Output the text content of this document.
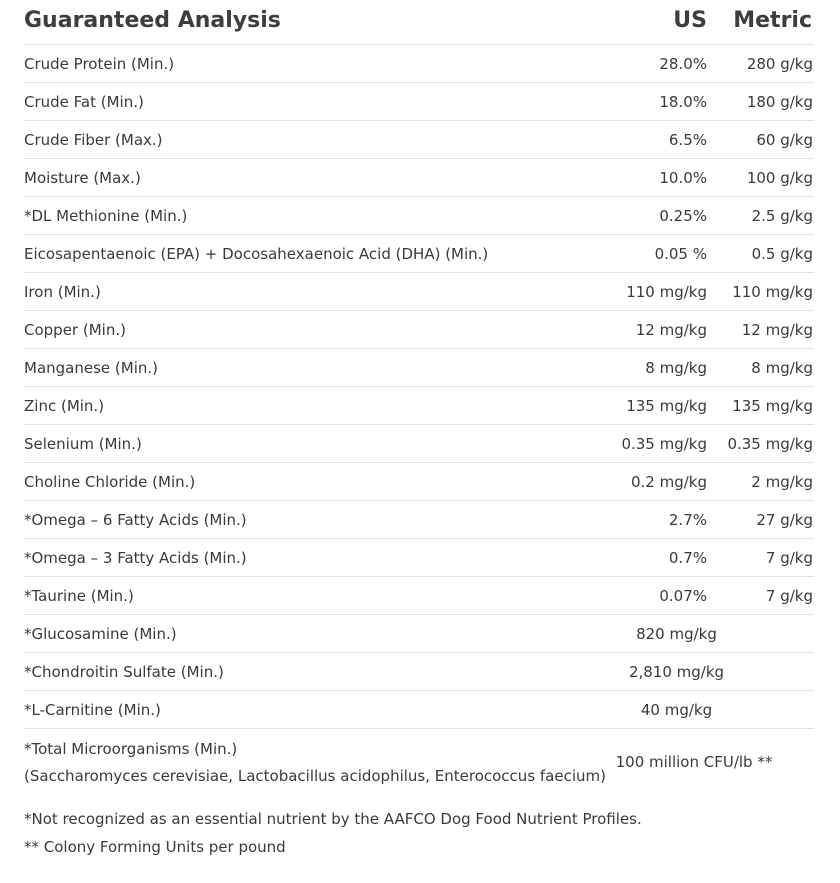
Guaranteed Analysis	US Metric
Crude Protein (Min.)	28.0%	280 g/kg
Crude Fat (Min.)	18.0%	180 g/kg
Crude Fiber (Max.)	6.5%	60 g/kg
Moisture (Max.)	10.0%	100 g/kg
*DL Methionine (Min.)	0.25%	2.5 g/kg
Eicosapentaenoic (EPA) + Docosahexaenoic Acid (DHA) (Min.)	0.05 %	0.5 g/kg
Iron (Min.)	110 mg/kg 110 mg/kg
Copper (Min.)	12 mg/kg 12 mg/kg
Manganese (Min.)	8 mg/kg	8 mg/kg
Zinc (Min.)	135 mg/kg 135 mg/kg
Selenium (Min.)	0.35 mg/kg 0.35 mg/kg
Choline Chloride (Min.)	0.2 mg/kg	2 mg/kg
*Omega – 6 Fatty Acids (Min.)	2.7%	27 g/kg
*Omega – 3 Fatty Acids (Min.)	0.7%	7 g/kg
*Taurine (Min.)	0.07%	7 g/kg
*Glucosamine (Min.)	820 mg/kg
*Chondroitin Sulfate (Min.)	2,810 mg/kg
*L-Carnitine (Min.)	40 mg/kg
*Total Microorganisms (Min.)
(Saccharomyces cerevisiae, Lactobacillus acidophilus, Enterococcus faecium)
100 million CFU/lb **
*Not recognized as an essential nutrient by the AAFCO Dog Food Nutrient Profiles.
** Colony Forming Units per pound
